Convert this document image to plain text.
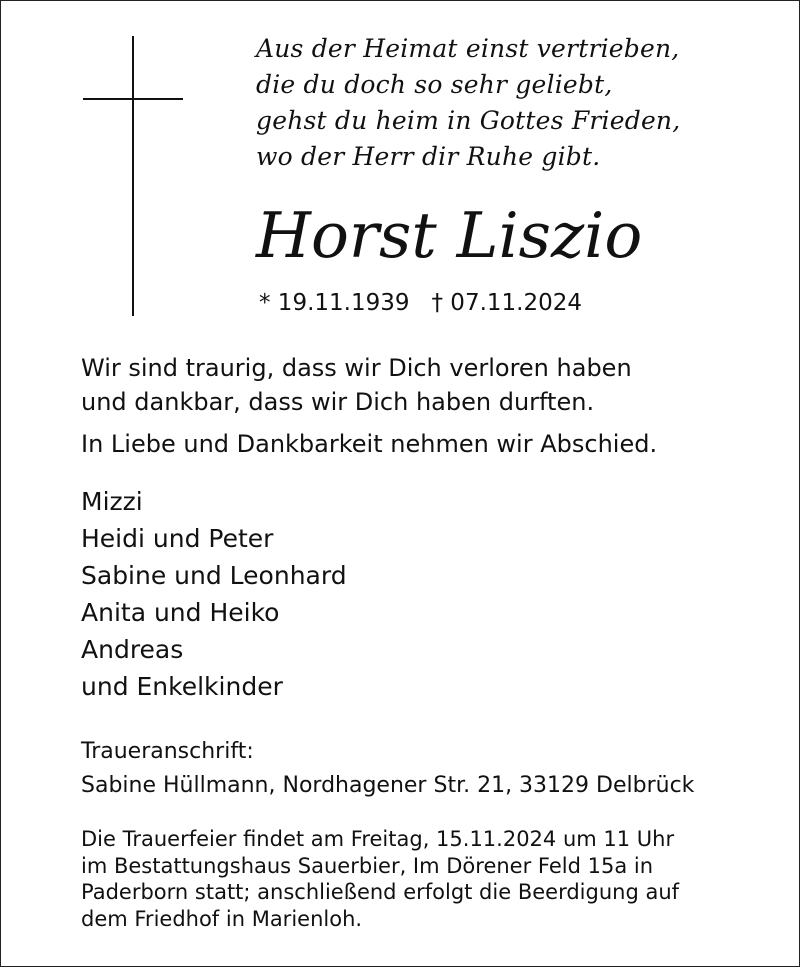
Aus der Heimat einst vertrieben,
die du doch so sehr geliebt,
gehst du heim in Gottes Frieden,
wo der Herr dir Ruhe gibt.
Horst Liszio
* 19.11.1939 † 07.11.2024
Wir sind traurig, dass wir Dich verloren haben
und dankbar, dass wir Dich haben durften.
In Liebe und Dankbarkeit nehmen wir Abschied.
Mizzi
Heidi und Peter
Sabine und Leonhard
Anita und Heiko
Andreas
und Enkelkinder
Traueranschrift:
Sabine Hüllmann, Nordhagener Str. 21, 33129 Delbrück
Die Trauerfeier findet am Freitag, 15.11.2024 um 11 Uhr
im Bestattungshaus Sauerbier, Im Dörener Feld 15a in
Paderborn statt; anschließend erfolgt die Beerdigung auf
dem Friedhof in Marienloh.
